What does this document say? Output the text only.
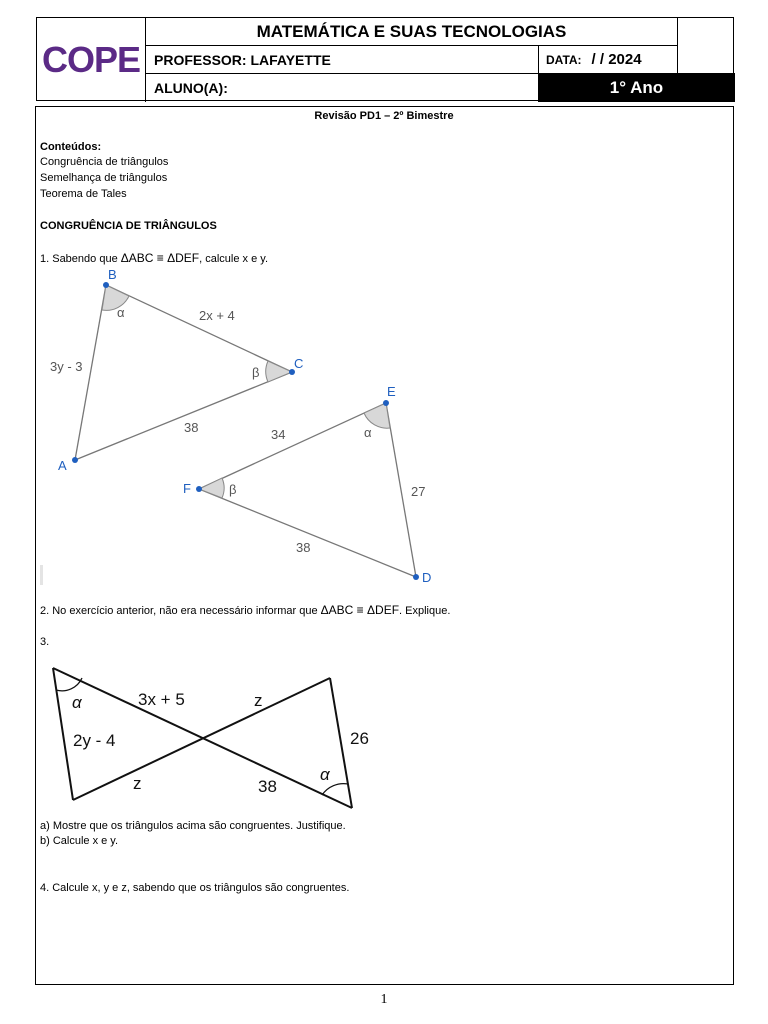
COPE
MATEMÁTICA E SUAS TECNOLOGIAS
PROFESSOR: LAFAYETTE	DATA: / / 2024
ALUNO(A):	1° Ano
Revisão PD1 – 2º Bimestre
Conteúdos:
Congruência de triângulos
Semelhança de triângulos
Teorema de Tales
CONGRUÊNCIA DE TRIÂNGULOS
1. Sabendo que ΔABC ≡ ΔDEF, calcule x e y.
B
C
A
E
F
D
α
β
α
β
2x + 4
3y - 3
38	34
27
38
α
α
3x + 5
2y - 4
z
z
26
38
2. No exercício anterior, não era necessário informar que ΔABC ≡ ΔDEF. Explique.
3.
a) Mostre que os triângulos acima são congruentes. Justifique.
b) Calcule x e y.
4. Calcule x, y e z, sabendo que os triângulos são congruentes.
1
